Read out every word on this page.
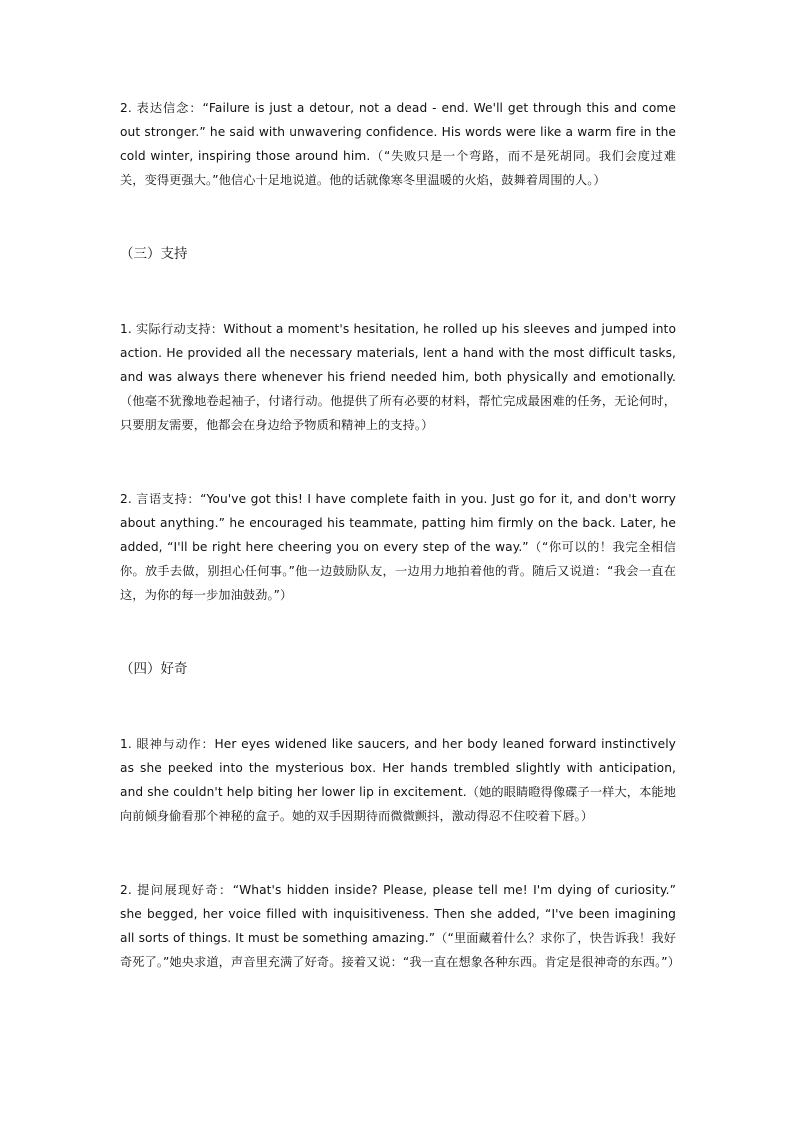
2. 表达信念：“Failure is just a detour, not a dead - end. We'll get through this and come out stronger.” he said with unwavering confidence. His words were like a warm fire in the cold winter, inspiring those around him.（“失败只是一个弯路，而不是死胡同。我们会度过难关，变得更强大。”他信心十足地说道。他的话就像寒冬里温暖的火焰，鼓舞着周围的人。）
（三）支持
1. 实际行动支持：Without a moment's hesitation, he rolled up his sleeves and jumped into action. He provided all the necessary materials, lent a hand with the most difficult tasks, and was always there whenever his friend needed him, both physically and emotionally.（他毫不犹豫地卷起袖子，付诸行动。他提供了所有必要的材料，帮忙完成最困难的任务，无论何时，只要朋友需要，他都会在身边给予物质和精神上的支持。）
2. 言语支持：“You've got this! I have complete faith in you. Just go for it, and don't worry about anything.” he encouraged his teammate, patting him firmly on the back. Later, he added, “I'll be right here cheering you on every step of the way.”（“你可以的！我完全相信你。放手去做，别担心任何事。”他一边鼓励队友，一边用力地拍着他的背。随后又说道：“我会一直在这，为你的每一步加油鼓劲。”）
（四）好奇
1. 眼神与动作：Her eyes widened like saucers, and her body leaned forward instinctively as she peeked into the mysterious box. Her hands trembled slightly with anticipation, and she couldn't help biting her lower lip in excitement.（她的眼睛瞪得像碟子一样大，本能地向前倾身偷看那个神秘的盒子。她的双手因期待而微微颤抖，激动得忍不住咬着下唇。）
2. 提问展现好奇：“What's hidden inside? Please, please tell me! I'm dying of curiosity.” she begged, her voice filled with inquisitiveness. Then she added, “I've been imagining all sorts of things. It must be something amazing.”（“里面藏着什么？求你了，快告诉我！我好奇死了。”她央求道，声音里充满了好奇。接着又说：“我一直在想象各种东西。肯定是很神奇的东西。”）
